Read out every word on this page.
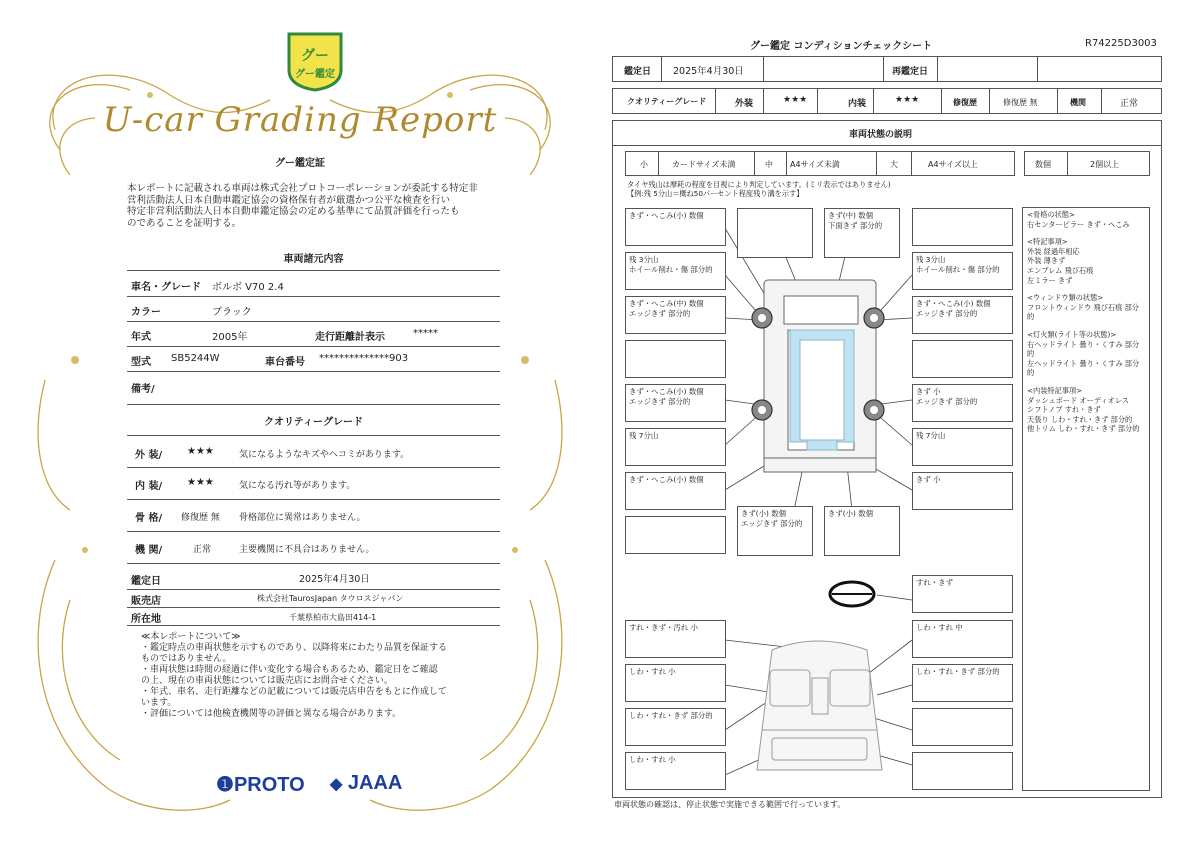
グー
グー鑑定
U-car Grading Report
グー鑑定証
本レポートに記載される車両は株式会社プロトコーポレーションが委託する特定非
営利活動法人日本自動車鑑定協会の資格保有者が厳選かつ公平な検査を行い
特定非営利活動法人日本自動車鑑定協会の定める基準にて品質評価を行ったも
のであることを証明する。
車両諸元内容
車名・グレード ボルボ V70 2.4
カラー	ブラック
年式	2005年	走行距離計表示	*****
型式 SB5244W	車台番号 **************903
備考/
クオリティーグレード
外 装/ ★★★	気になるようなキズやヘコミがあります。
内 装/ ★★★	気になる汚れ等があります。
骨 格/ 修復歴 無 骨格部位に異常はありません。
機 関/	正常	主要機関に不具合はありません。
鑑定日	2025年4月30日
販売店	株式会社TaurosJapan タウロスジャパン
所在地	千葉県柏市大島田414-1
≪本レポートについて≫
・鑑定時点の車両状態を示すものであり、以降将来にわたり品質を保証する
ものではありません。
・車両状態は時間の経過に伴い変化する場合もあるため、鑑定日をご確認
の上、現在の車両状態については販売店にお問合せください。
・年式、車名、走行距離などの記載については販売店申告をもとに作成して
います。
・評価については他検査機関等の評価と異なる場合があります。
❶PROTO ◆ JAAA
グー鑑定 コンディションチェックシート	R74225D3003
鑑定日 2025年4月30日	再鑑定日
クオリティーグレード	外装	★★★	内装	★★★	修復歴	修復歴 無	機関	正常
車両状態の説明
小	カードサイズ未満	中 A4サイズ未満	大	A4サイズ以上	数個	2個以上
タイヤ残山は摩耗の程度を目視により判定しています。(ミリ表示ではありません)
【例:残 5分山＝概ね50パーセント程度残り溝を示す】
きず・へこみ(小) 数個
残 3分山
ホイール削れ・傷 部分的
きず・へこみ(中) 数個
エッジきず 部分的
きず・へこみ(小) 数個
エッジきず 部分的
残 7分山
きず・へこみ(小) 数個
きず(中) 数個
下面きず 部分的
残 3分山
ホイール削れ・傷 部分的
きず・へこみ(小) 数個
エッジきず 部分的
きず 小
エッジきず 部分的
残 7分山
きず 小
きず(小) 数個
エッジきず 部分的
きず(小) 数個
すれ・きず
すれ・きず・汚れ 小
しわ・すれ 小
しわ・すれ・きず 部分的
しわ・すれ 小
しわ・すれ 中
しわ・すれ・きず 部分的
<骨格の状態>
右センターピラー きず・へこみ
<特記事項>
外装 経過年相応
外装 薄きず
エンブレム 飛び石痕
左ミラー きず
<ウィンドウ類の状態>
フロントウィンドウ 飛び石痕 部分的
<灯火類(ライト等の状態)>
右ヘッドライト 曇り・くすみ 部分的
左ヘッドライト 曇り・くすみ 部分的
<内装特記事項>
ダッシュボード オーディオレス
シフトノブ すれ・きず
天張り しわ・すれ・きず 部分的
他トリム しわ・すれ・きず 部分的
車両状態の確認は、停止状態で実施できる範囲で行っています。
